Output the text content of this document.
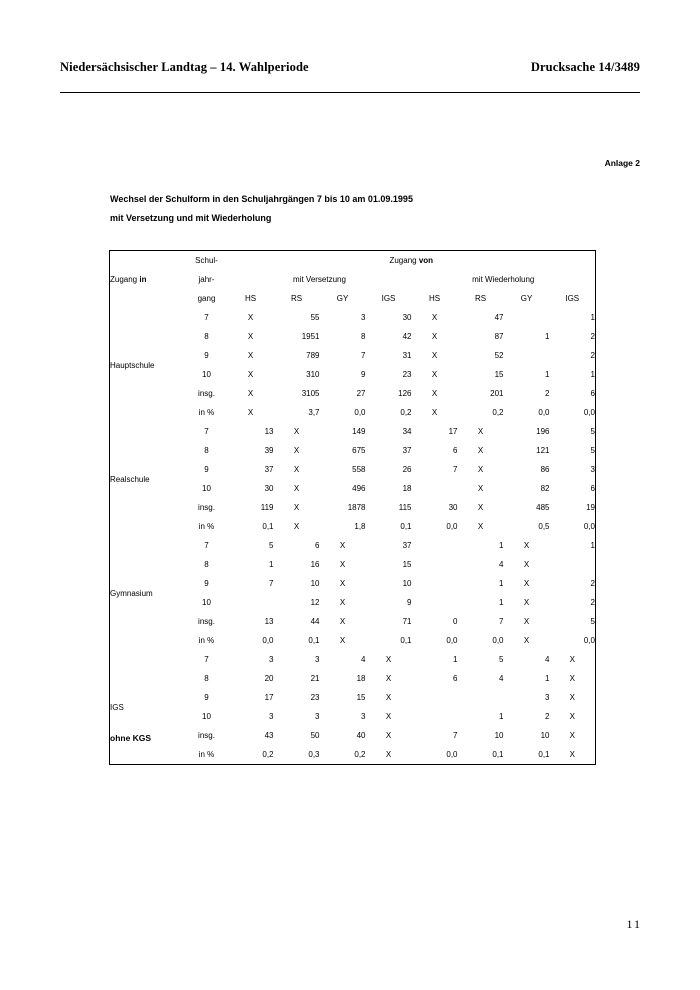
Niedersächsischer Landtag – 14. Wahlperiode	Drucksache 14/3489
Anlage 2
Wechsel der Schulform in den Schuljahrgängen 7 bis 10 am 01.09.1995
mit Versetzung und mit Wiederholung
Zugang in	Schul-	Zugang von							
	jahr-	mit Versetzung				mit Wiederholung			
	gang	HS	RS	GY	IGS	HS	RS	GY	IGS
Hauptschule	7	X	55	3	30	X	47		1
	8	X	1951	8	42	X	87	1	2
	9	X	789	7	31	X	52		2
	10	X	310	9	23	X	15	1	1
	insg.	X	3105	27	126	X	201	2	6
	in %	X	3,7	0,0	0,2	X	0,2	0,0	0,0
Realschule	7	13	X	149	34	17	X	196	5
	8	39	X	675	37	6	X	121	5
	9	37	X	558	26	7	X	86	3
	10	30	X	496	18		X	82	6
	insg.	119	X	1878	115	30	X	485	19
	in %	0,1	X	1,8	0,1	0,0	X	0,5	0,0
Gymnasium	7	5	6	X	37		1	X	1
	8	1	16	X	15		4	X	
	9	7	10	X	10		1	X	2
	10		12	X	9		1	X	2
	insg.	13	44	X	71	0	7	X	5
	in %	0,0	0,1	X	0,1	0,0	0,0	X	0,0
IGS	7	3	3	4	X	1	5	4	X
	8	20	21	18	X	6	4	1	X
	9	17	23	15	X			3	X
	10	3	3	3	X		1	2	X
	insg.	43	50	40	X	7	10	10	X
	in %	0,2	0,3	0,2	X	0,0	0,1	0,1	X
ohne KGS
11
